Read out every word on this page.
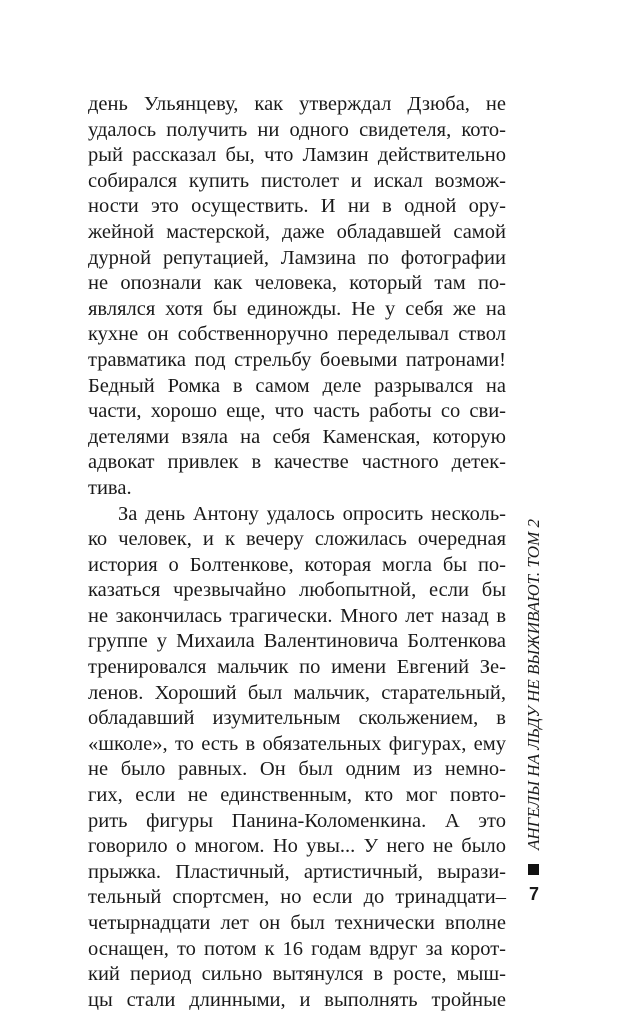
день Ульянцеву, как утверждал Дзюба, не
удалось получить ни одного свидетеля, кото-
рый рассказал бы, что Ламзин действительно
собирался купить пистолет и искал возмож-
ности это осуществить. И ни в одной ору-
жейной мастерской, даже обладавшей самой
дурной репутацией, Ламзина по фотографии
не опознали как человека, который там по-
являлся хотя бы единожды. Не у себя же на
кухне он собственноручно переделывал ствол
травматика под стрельбу боевыми патронами!
Бедный Ромка в самом деле разрывался на
части, хорошо еще, что часть работы со сви-
детелями взяла на себя Каменская, которую
адвокат привлек в качестве частного детек-
тива.
За день Антону удалось опросить несколь-
ко человек, и к вечеру сложилась очередная
история о Болтенкове, которая могла бы по-
казаться чрезвычайно любопытной, если бы
не закончилась трагически. Много лет назад в
группе у Михаила Валентиновича Болтенкова
тренировался мальчик по имени Евгений Зе-
ленов. Хороший был мальчик, старательный,
обладавший изумительным скольжением, в
«школе», то есть в обязательных фигурах, ему
не было равных. Он был одним из немно-
гих, если не единственным, кто мог повто-
рить фигуры Панина-Коломенкина. А это
говорило о многом. Но увы... У него не было
прыжка. Пластичный, артистичный, вырази-
тельный спортсмен, но если до тринадцати–
четырнадцати лет он был технически вполне
оснащен, то потом к 16 годам вдруг за корот-
кий период сильно вытянулся в росте, мыш-
цы стали длинными, и выполнять тройные
АНГЕЛЫ НА ЛЬДУ НЕ ВЫЖИВАЮТ. ТОМ 2
7
